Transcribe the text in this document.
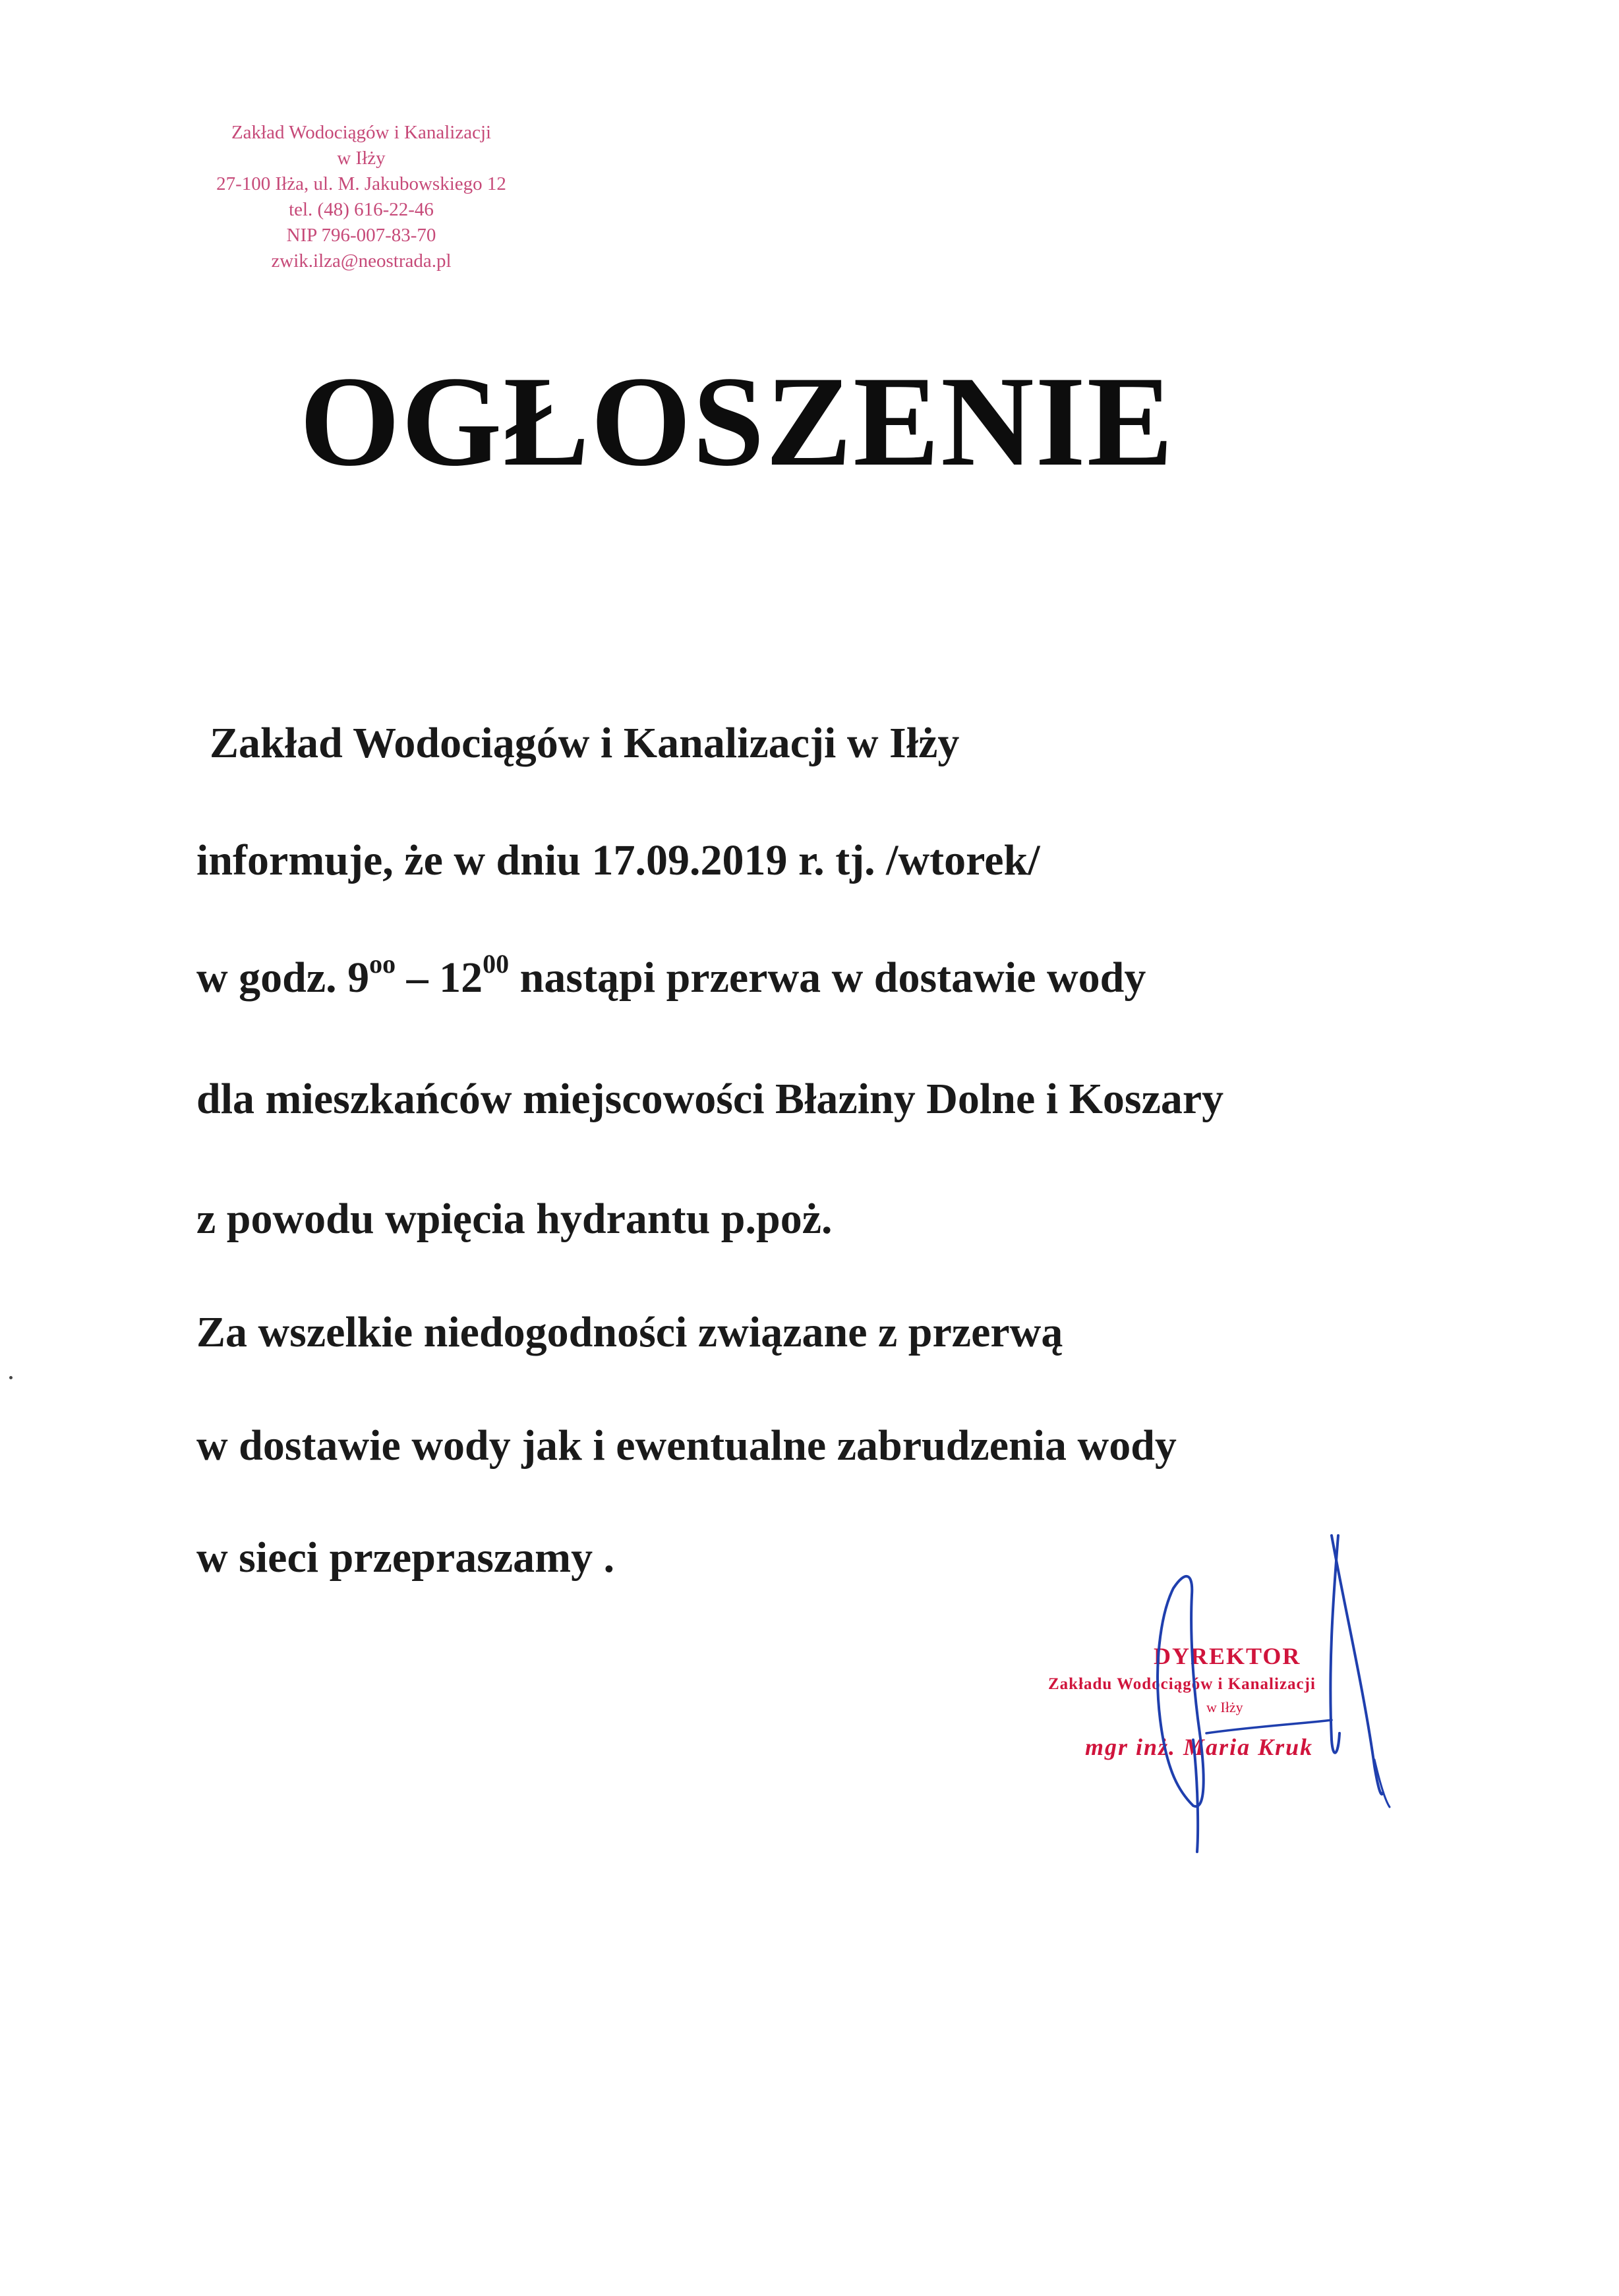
Zakład Wodociągów i Kanalizacji
w Iłży
27-100 Iłża, ul. M. Jakubowskiego 12
tel. (48) 616-22-46
NIP 796-007-83-70
zwik.ilza@neostrada.pl
OGŁOSZENIE
Zakład Wodociągów i Kanalizacji w Iłży
informuje, że w dniu 17.09.2019 r. tj. /wtorek/
w godz. $9^{oo} - 12^{00}$ nastąpi przerwa w dostawie wody
dla mieszkańców miejscowości Błaziny Dolne i Koszary
z powodu wpięcia hydrantu p.poż.
Za wszelkie niedogodności związane z przerwą
w dostawie wody jak i ewentualne zabrudzenia wody
w sieci przepraszamy .
DYREKTOR
Zakładu Wodociągów i Kanalizacji
w Iłży
mgr inż. Maria Kruk
